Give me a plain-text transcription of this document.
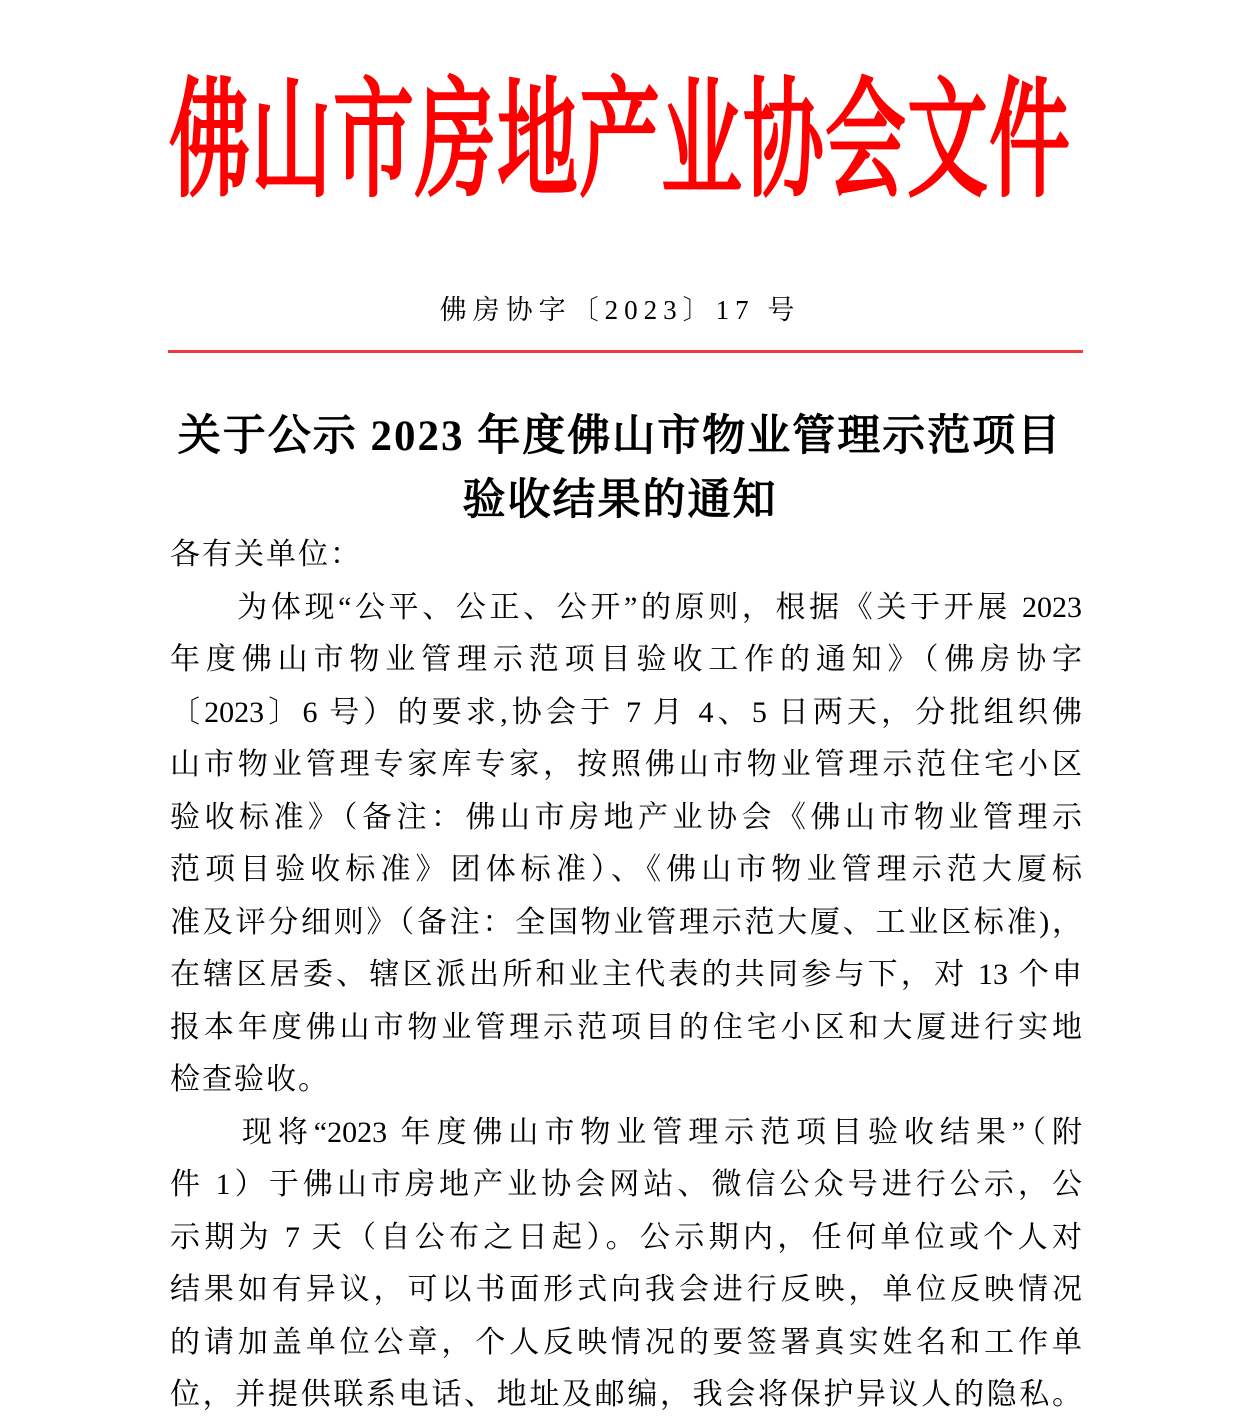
佛山市房地产业协会文件
佛房协字〔2023〕17 号
关于公示 2023 年度佛山市物业管理示范项目
验收结果的通知
各有关单位：
　　为体现“公平、公正、公开”的原则，根据《关于开展 2023
年度佛山市物业管理示范项目验收工作的通知》（佛房协字
〔2023〕6 号）的要求,协会于 7 月 4、5 日两天，分批组织佛
山市物业管理专家库专家，按照佛山市物业管理示范住宅小区
验收标准》（备注：佛山市房地产业协会《佛山市物业管理示
范项目验收标准》团体标准）、《佛山市物业管理示范大厦标
准及评分细则》（备注：全国物业管理示范大厦、工业区标准)，
在辖区居委、辖区派出所和业主代表的共同参与下，对 13 个申
报本年度佛山市物业管理示范项目的住宅小区和大厦进行实地
检查验收。
　　现将“2023 年度佛山市物业管理示范项目验收结果”（附
件 1）于佛山市房地产业协会网站、微信公众号进行公示，公
示期为 7 天（自公布之日起）。公示期内，任何单位或个人对
结果如有异议，可以书面形式向我会进行反映，单位反映情况
的请加盖单位公章，个人反映情况的要签署真实姓名和工作单
位，并提供联系电话、地址及邮编，我会将保护异议人的隐私。
